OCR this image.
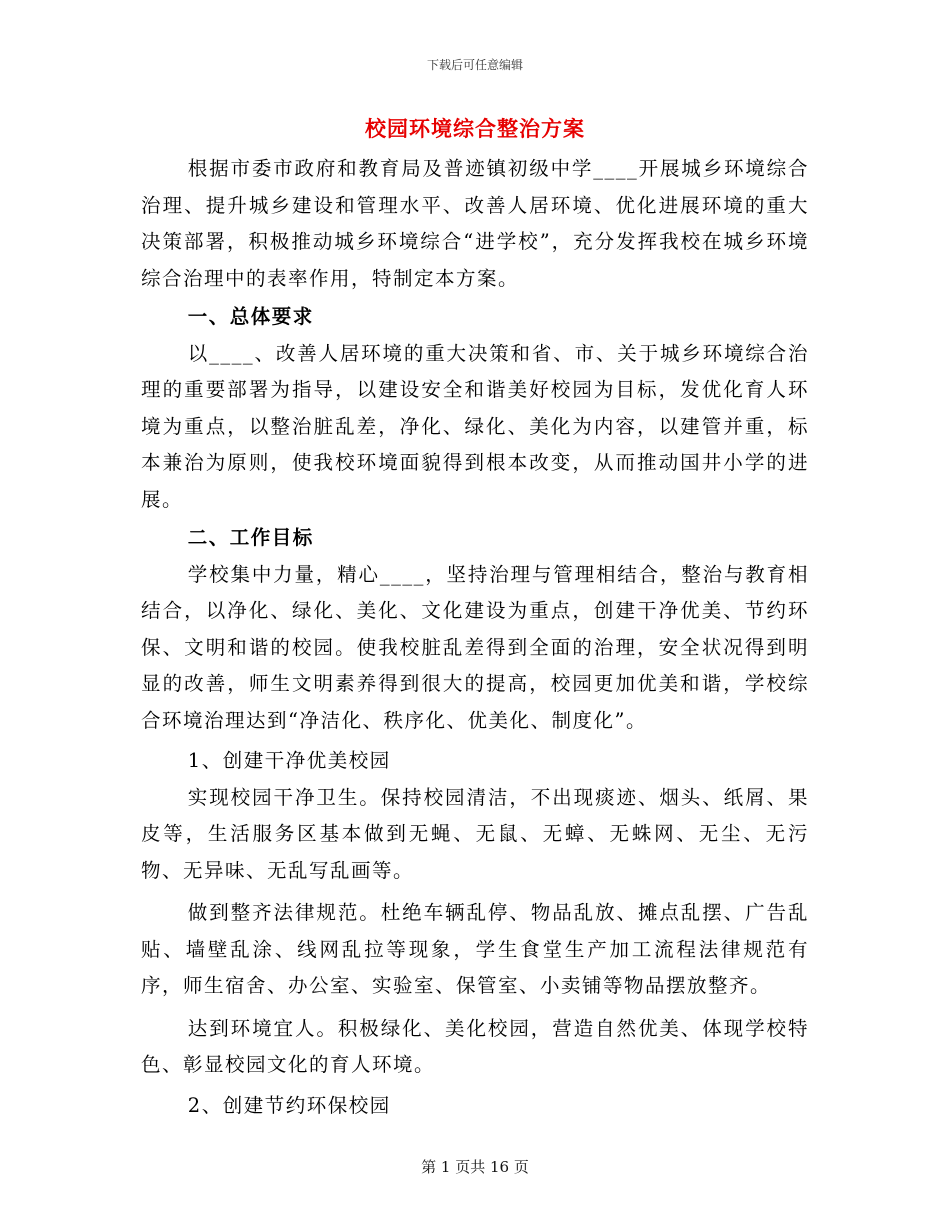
下载后可任意编辑
校园环境综合整治方案

根据市委市政府和教育局及普迹镇初级中学____开展城乡环境综合治理、提升城乡建设和管理水平、改善人居环境、优化进展环境的重大决策部署，积极推动城乡环境综合“进学校”，充分发挥我校在城乡环境综合治理中的表率作用，特制定本方案。

一、总体要求

以____、改善人居环境的重大决策和省、市、关于城乡环境综合治理的重要部署为指导，以建设安全和谐美好校园为目标，发优化育人环境为重点，以整治脏乱差，净化、绿化、美化为内容，以建管并重，标本兼治为原则，使我校环境面貌得到根本改变，从而推动国井小学的进展。

二、工作目标

学校集中力量，精心____，坚持治理与管理相结合，整治与教育相结合，以净化、绿化、美化、文化建设为重点，创建干净优美、节约环保、文明和谐的校园。使我校脏乱差得到全面的治理，安全状况得到明显的改善，师生文明素养得到很大的提高，校园更加优美和谐，学校综合环境治理达到“净洁化、秩序化、优美化、制度化”。

1、创建干净优美校园

实现校园干净卫生。保持校园清洁，不出现痰迹、烟头、纸屑、果皮等，生活服务区基本做到无蝇、无鼠、无蟑、无蛛网、无尘、无污物、无异味、无乱写乱画等。

做到整齐法律规范。杜绝车辆乱停、物品乱放、摊点乱摆、广告乱贴、墙壁乱涂、线网乱拉等现象，学生食堂生产加工流程法律规范有序，师生宿舍、办公室、实验室、保管室、小卖铺等物品摆放整齐。

达到环境宜人。积极绿化、美化校园，营造自然优美、体现学校特色、彰显校园文化的育人环境。

2、创建节约环保校园

第 1 页共 16 页
